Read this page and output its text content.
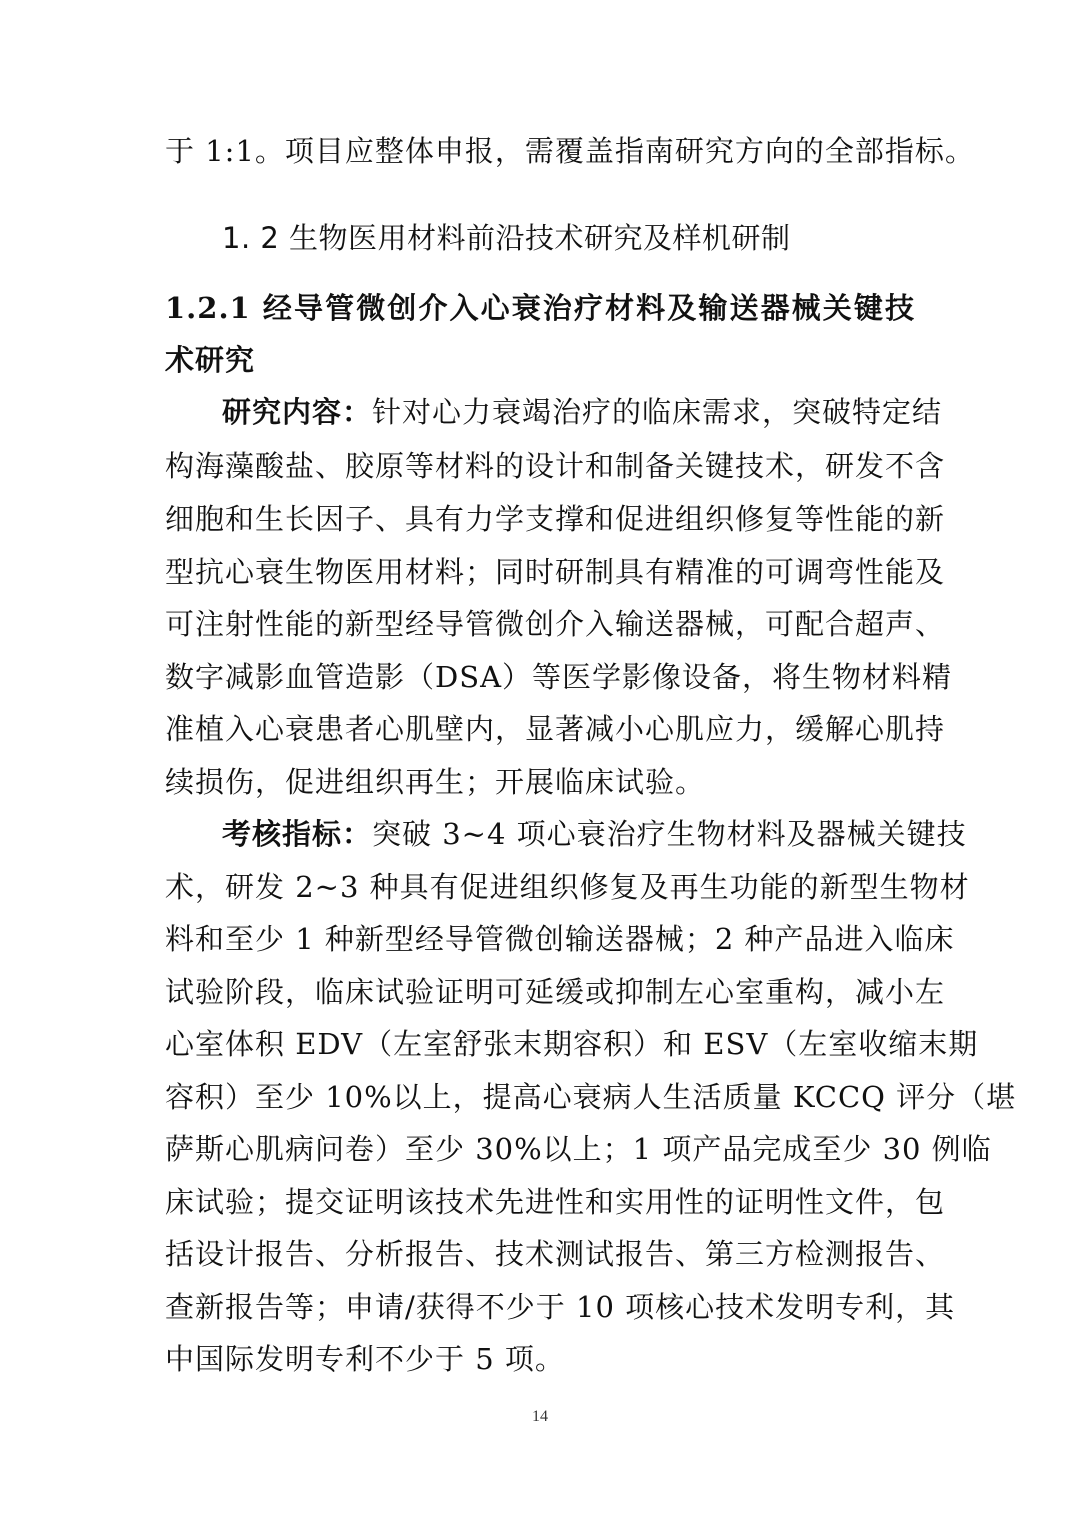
于 1:1。项目应整体申报，需覆盖指南研究方向的全部指标。
1. 2 生物医用材料前沿技术研究及样机研制
1.2.1 经导管微创介入心衰治疗材料及输送器械关键技
术研究
研究内容：针对心力衰竭治疗的临床需求，突破特定结
构海藻酸盐、胶原等材料的设计和制备关键技术，研发不含
细胞和生长因子、具有力学支撑和促进组织修复等性能的新
型抗心衰生物医用材料；同时研制具有精准的可调弯性能及
可注射性能的新型经导管微创介入输送器械，可配合超声、
数字减影血管造影（DSA）等医学影像设备，将生物材料精
准植入心衰患者心肌壁内，显著减小心肌应力，缓解心肌持
续损伤，促进组织再生；开展临床试验。
考核指标：突破 3~4 项心衰治疗生物材料及器械关键技
术，研发 2~3 种具有促进组织修复及再生功能的新型生物材
料和至少 1 种新型经导管微创输送器械；2 种产品进入临床
试验阶段，临床试验证明可延缓或抑制左心室重构，减小左
心室体积 EDV（左室舒张末期容积）和 ESV（左室收缩末期
容积）至少 10%以上，提高心衰病人生活质量 KCCQ 评分（堪
萨斯心肌病问卷）至少 30%以上；1 项产品完成至少 30 例临
床试验；提交证明该技术先进性和实用性的证明性文件，包
括设计报告、分析报告、技术测试报告、第三方检测报告、
查新报告等；申请/获得不少于 10 项核心技术发明专利，其
中国际发明专利不少于 5 项。
14
